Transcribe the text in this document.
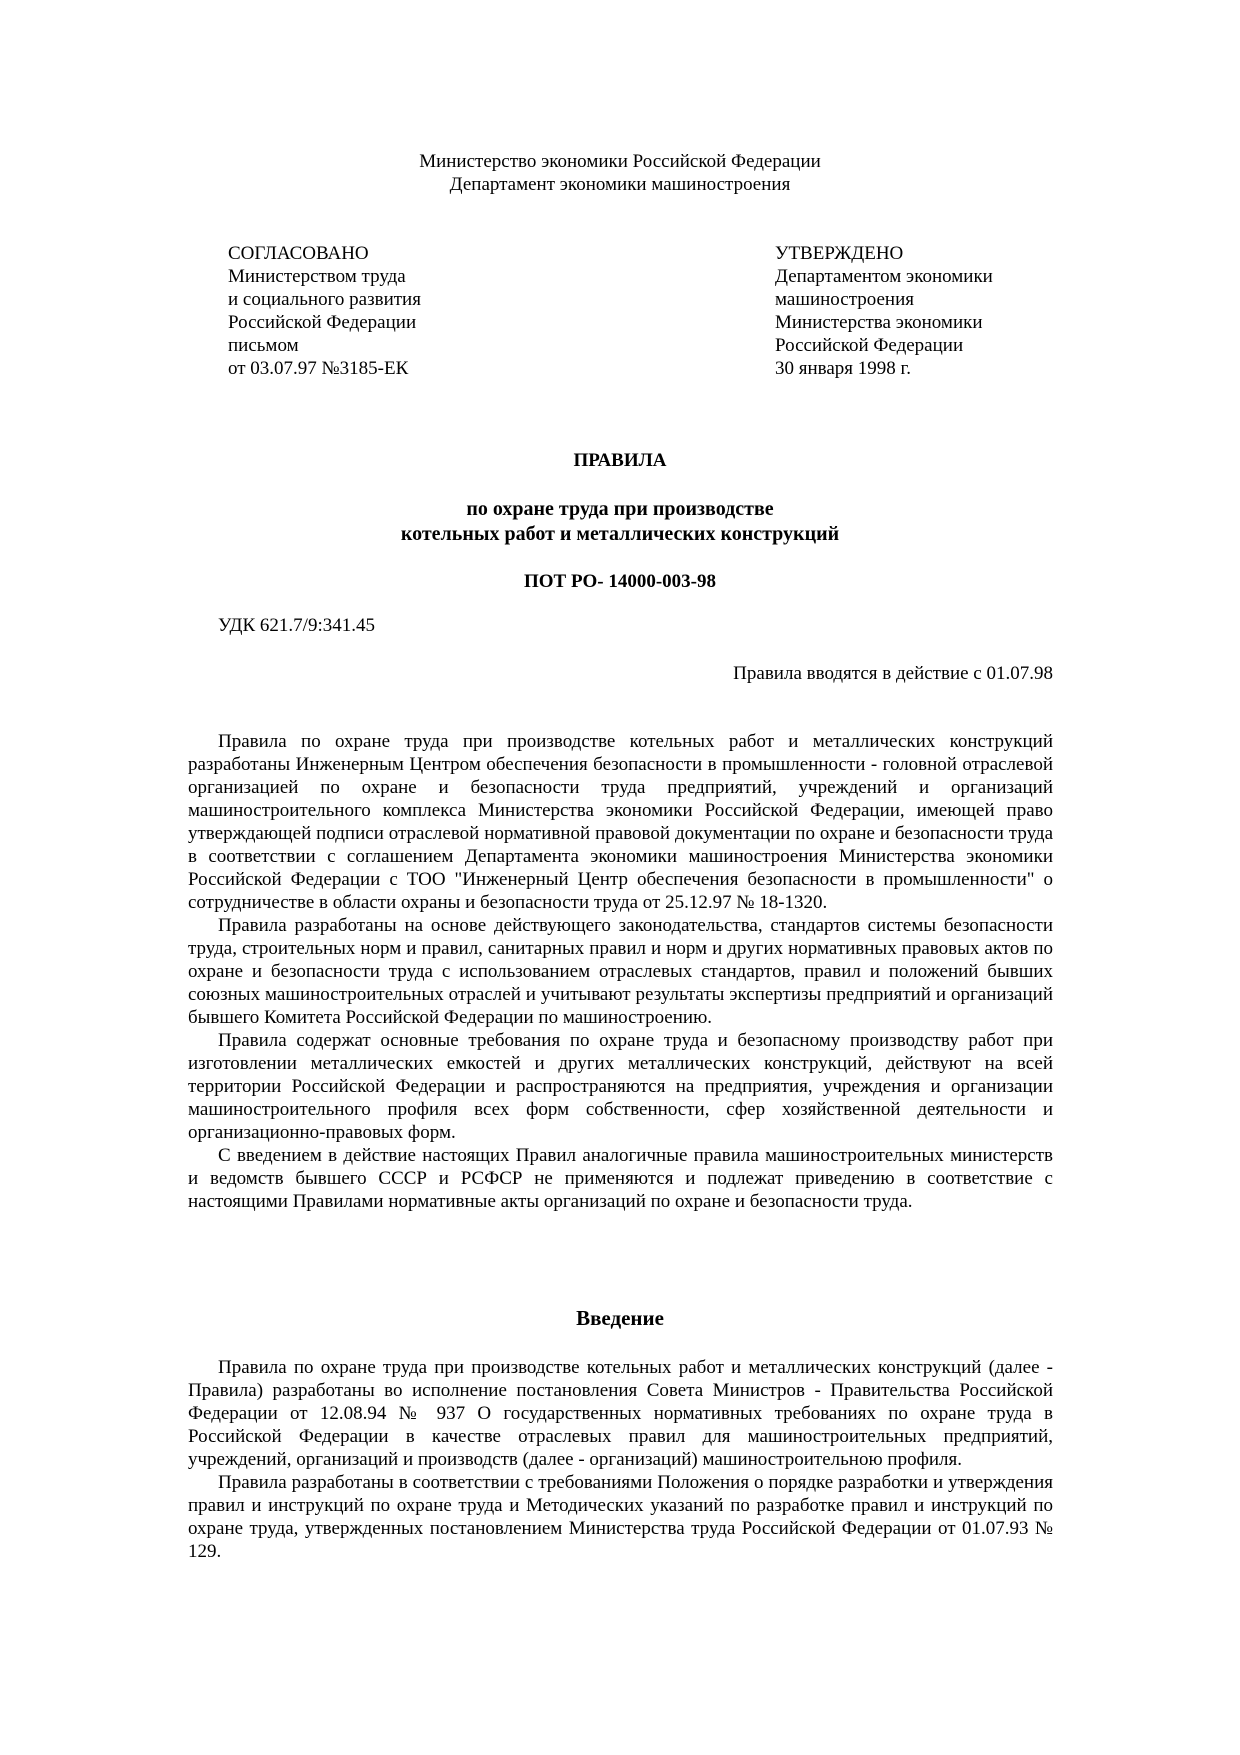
Министерство экономики Российской Федерации
Департамент экономики машиностроения
СОГЛАСОВАНО
Министерством труда
и социального развития
Российской Федерации
письмом
от 03.07.97 №3185-ЕК
УТВЕРЖДЕНО
Департаментом экономики
машиностроения
Министерства экономики
Российской Федерации
30 января 1998 г.
ПРАВИЛА
по охране труда при производстве
котельных работ и металлических конструкций
ПОТ РО- 14000-003-98
УДК 621.7/9:341.45
Правила вводятся в действие с 01.07.98

Правила по охране труда при производстве котельных работ и металлических конструкций разработаны Инженерным Центром обеспечения безопасности в промышленности - головной отраслевой организацией по охране и безопасности труда предприятий, учреждений и организаций машиностроительного комплекса Министерства экономики Российской Федерации, имеющей право утверждающей подписи отраслевой нормативной правовой документации по охране и безопасности труда в соответствии с соглашением Департамента экономики машиностроения Министерства экономики Российской Федерации с ТОО "Инженерный Центр обеспечения безопасности в промышленности" о сотрудничестве в области охраны и безопасности труда от 25.12.97 № 18-1320.

Правила разработаны на основе действующего законодательства, стандартов системы безопасности труда, строительных норм и правил, санитарных правил и норм и других нормативных правовых актов по охране и безопасности труда с использованием отраслевых стандартов, правил и положений бывших союзных машиностроительных отраслей и учитывают результаты экспертизы предприятий и организаций бывшего Комитета Российской Федерации по машиностроению.

Правила содержат основные требования по охране труда и безопасному производству работ при изготовлении металлических емкостей и других металлических конструкций, действуют на всей территории Российской Федерации и распространяются на предприятия, учреждения и организации машиностроительного профиля всех форм собственности, сфер хозяйственной деятельности и организационно-правовых форм.

С введением в действие настоящих Правил аналогичные правила машиностроительных министерств и ведомств бывшего СССР и РСФСР не применяются и подлежат приведению в соответствие с настоящими Правилами нормативные акты организаций по охране и безопасности труда.

Введение

Правила по охране труда при производстве котельных работ и металлических конструкций (далее - Правила) разработаны во исполнение постановления Совета Министров - Правительства Российской Федерации от 12.08.94 № 937 О государственных нормативных требованиях по охране труда в Российской Федерации в качестве отраслевых правил для машиностроительных предприятий, учреждений, организаций и производств (далее - организаций) машиностроительною профиля.

Правила разработаны в соответствии с требованиями Положения о порядке разработки и утверждения правил и инструкций по охране труда и Методических указаний по разработке правил и инструкций по охране труда, утвержденных постановлением Министерства труда Российской Федерации от 01.07.93 № 129.
